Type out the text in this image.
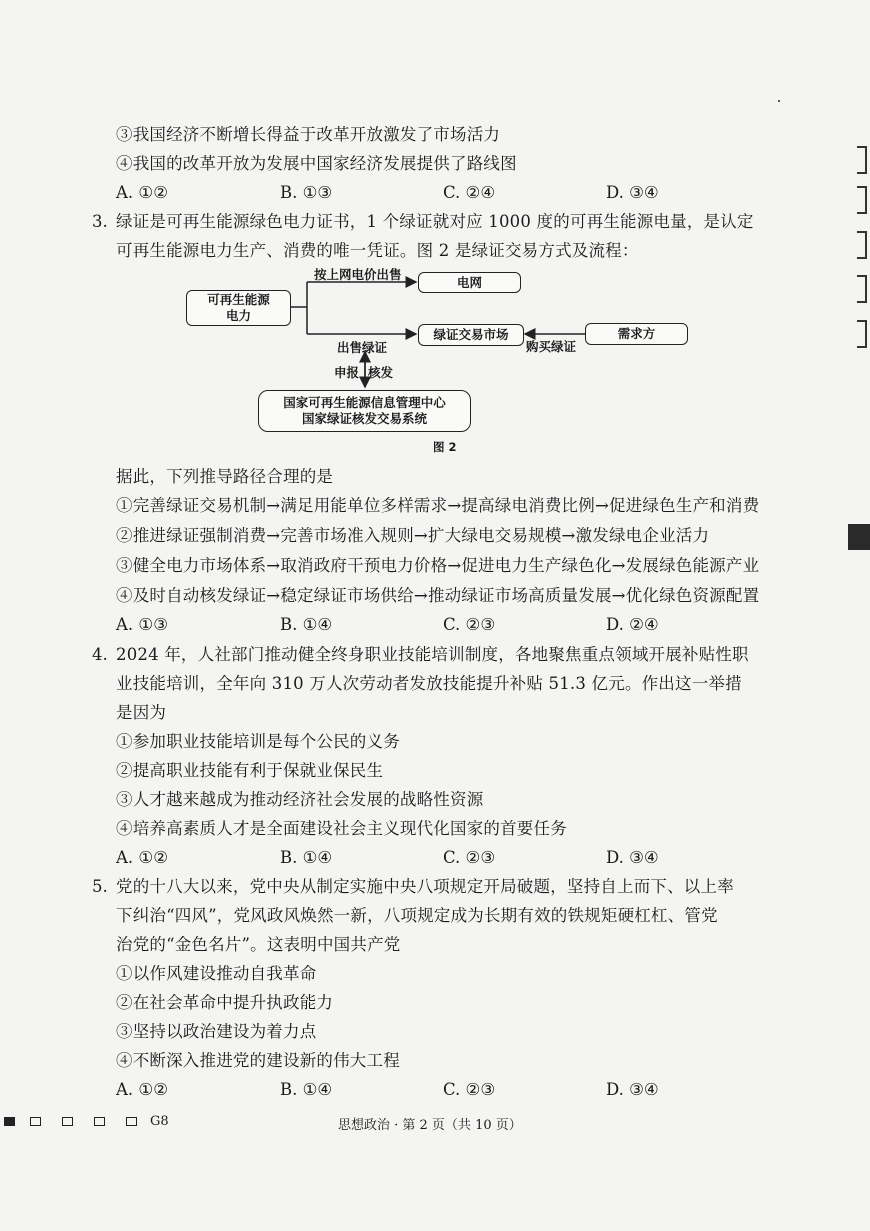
③我国经济不断增长得益于改革开放激发了市场活力
④我国的改革开放为发展中国家经济发展提供了路线图
A. ①②	B. ①③	C. ②④	D. ③④
3. 绿证是可再生能源绿色电力证书，1 个绿证就对应 1000 度的可再生能源电量，是认定
可再生能源电力生产、消费的唯一凭证。图 2 是绿证交易方式及流程：
可再生能源
电力
电网
绿证交易市场	需求方
国家可再生能源信息管理中心
国家绿证核发交易系统
按上网电价出售
出售绿证	购买绿证
申报 核发
图 2
据此，下列推导路径合理的是
①完善绿证交易机制→满足用能单位多样需求→提高绿电消费比例→促进绿色生产和消费
②推进绿证强制消费→完善市场准入规则→扩大绿电交易规模→激发绿电企业活力
③健全电力市场体系→取消政府干预电力价格→促进电力生产绿色化→发展绿色能源产业
④及时自动核发绿证→稳定绿证市场供给→推动绿证市场高质量发展→优化绿色资源配置
A. ①③	B. ①④	C. ②③	D. ②④
4. 2024 年，人社部门推动健全终身职业技能培训制度，各地聚焦重点领域开展补贴性职
业技能培训，全年向 310 万人次劳动者发放技能提升补贴 51.3 亿元。作出这一举措
是因为
①参加职业技能培训是每个公民的义务
②提高职业技能有利于保就业保民生
③人才越来越成为推动经济社会发展的战略性资源
④培养高素质人才是全面建设社会主义现代化国家的首要任务
A. ①②	B. ①④	C. ②③	D. ③④
5. 党的十八大以来，党中央从制定实施中央八项规定开局破题，坚持自上而下、以上率
下纠治“四风”，党风政风焕然一新，八项规定成为长期有效的铁规矩硬杠杠、管党
治党的“金色名片”。这表明中国共产党
①以作风建设推动自我革命
②在社会革命中提升执政能力
③坚持以政治建设为着力点
④不断深入推进党的建设新的伟大工程
A. ①②	B. ①④	C. ②③	D. ③④
G8	思想政治 · 第 2 页（共 10 页）
